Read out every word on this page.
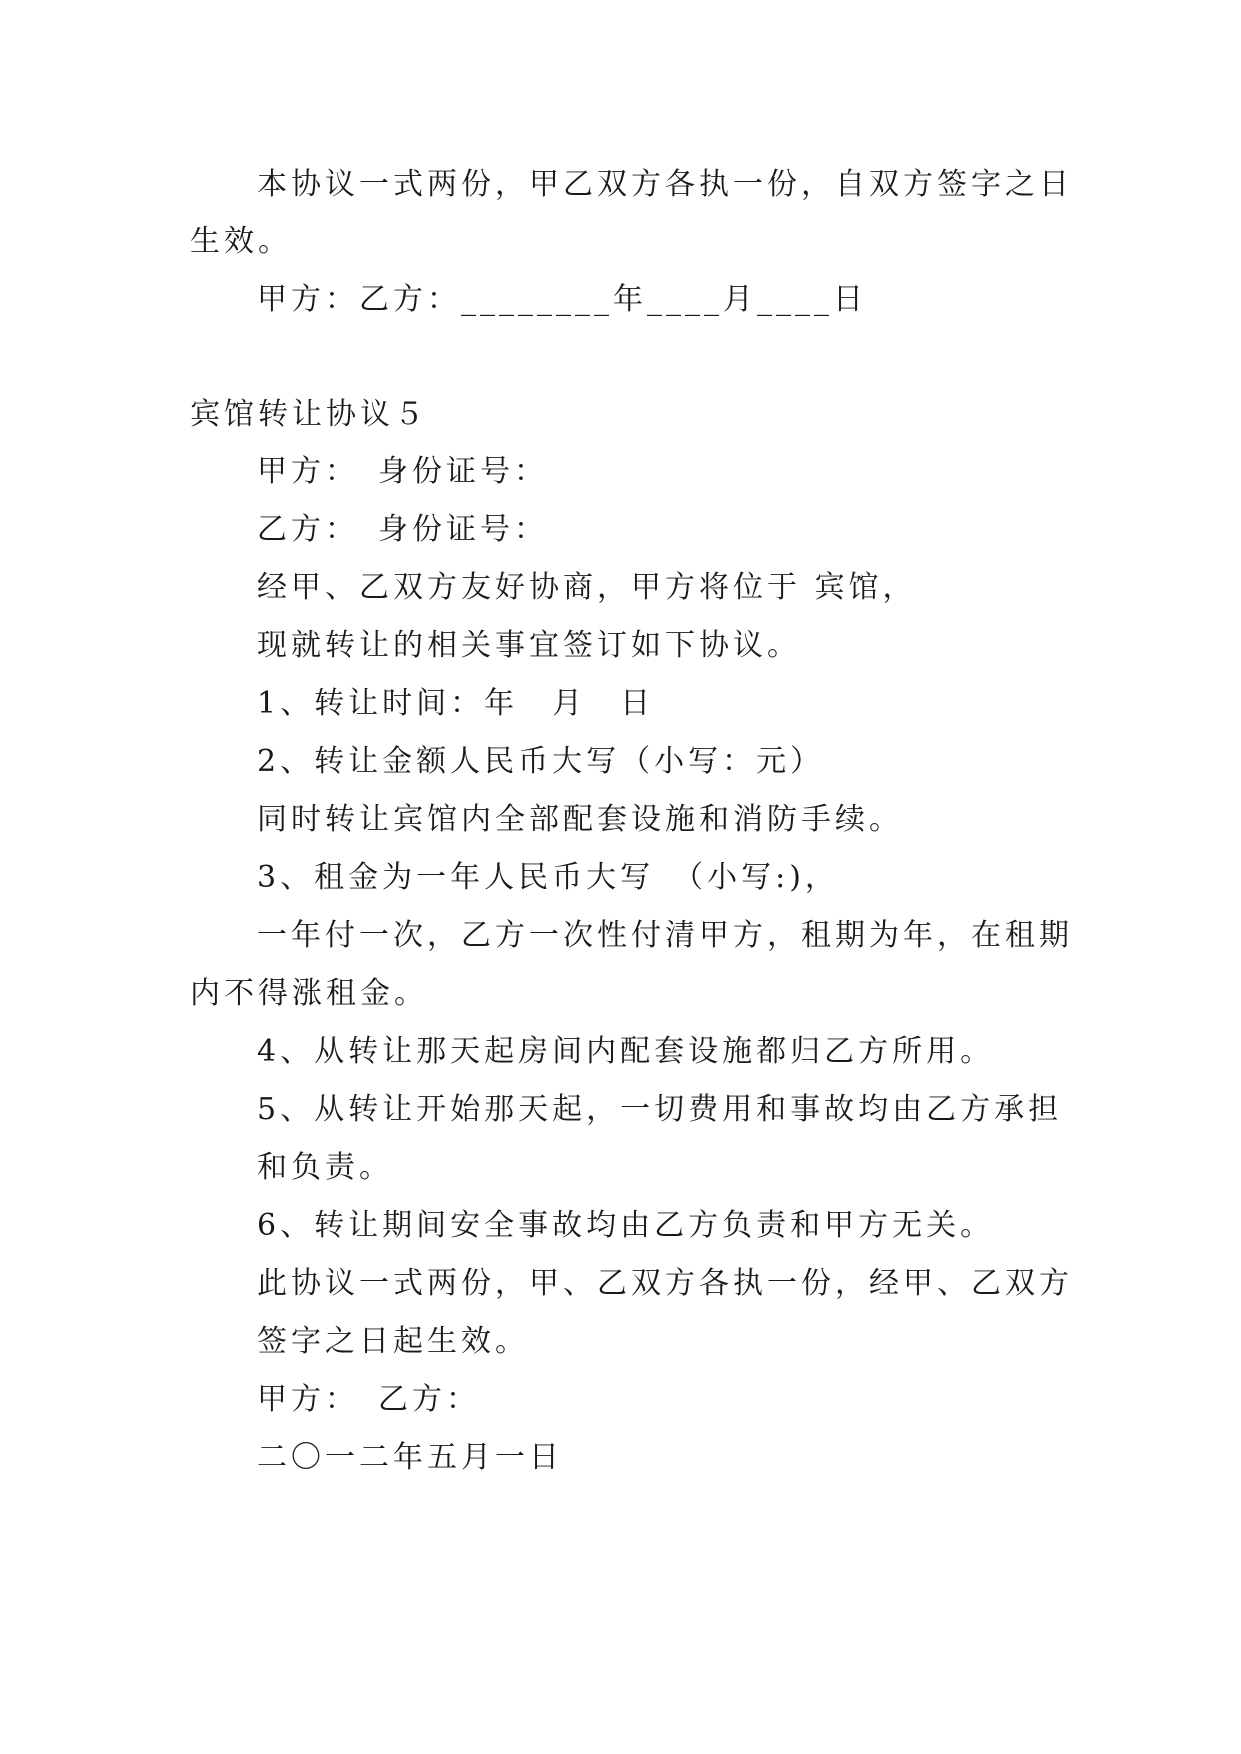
本协议一式两份，甲乙双方各执一份，自双方签字之日
生效。
甲方：乙方：________年____月____日
宾馆转让协议５
甲方：　身份证号：
乙方：　身份证号：
经甲、乙双方友好协商，甲方将位于 宾馆，
现就转让的相关事宜签订如下协议。
1、转让时间：年　月　日
2、转让金额人民币大写（小写：元）
同时转让宾馆内全部配套设施和消防手续。
3、租金为一年人民币大写　（小写:)，
一年付一次，乙方一次性付清甲方，租期为年，在租期
内不得涨租金。
4、从转让那天起房间内配套设施都归乙方所用。
5、从转让开始那天起，一切费用和事故均由乙方承担
和负责。
6、转让期间安全事故均由乙方负责和甲方无关。
此协议一式两份，甲、乙双方各执一份，经甲、乙双方
签字之日起生效。
甲方：　乙方：
二〇一二年五月一日
